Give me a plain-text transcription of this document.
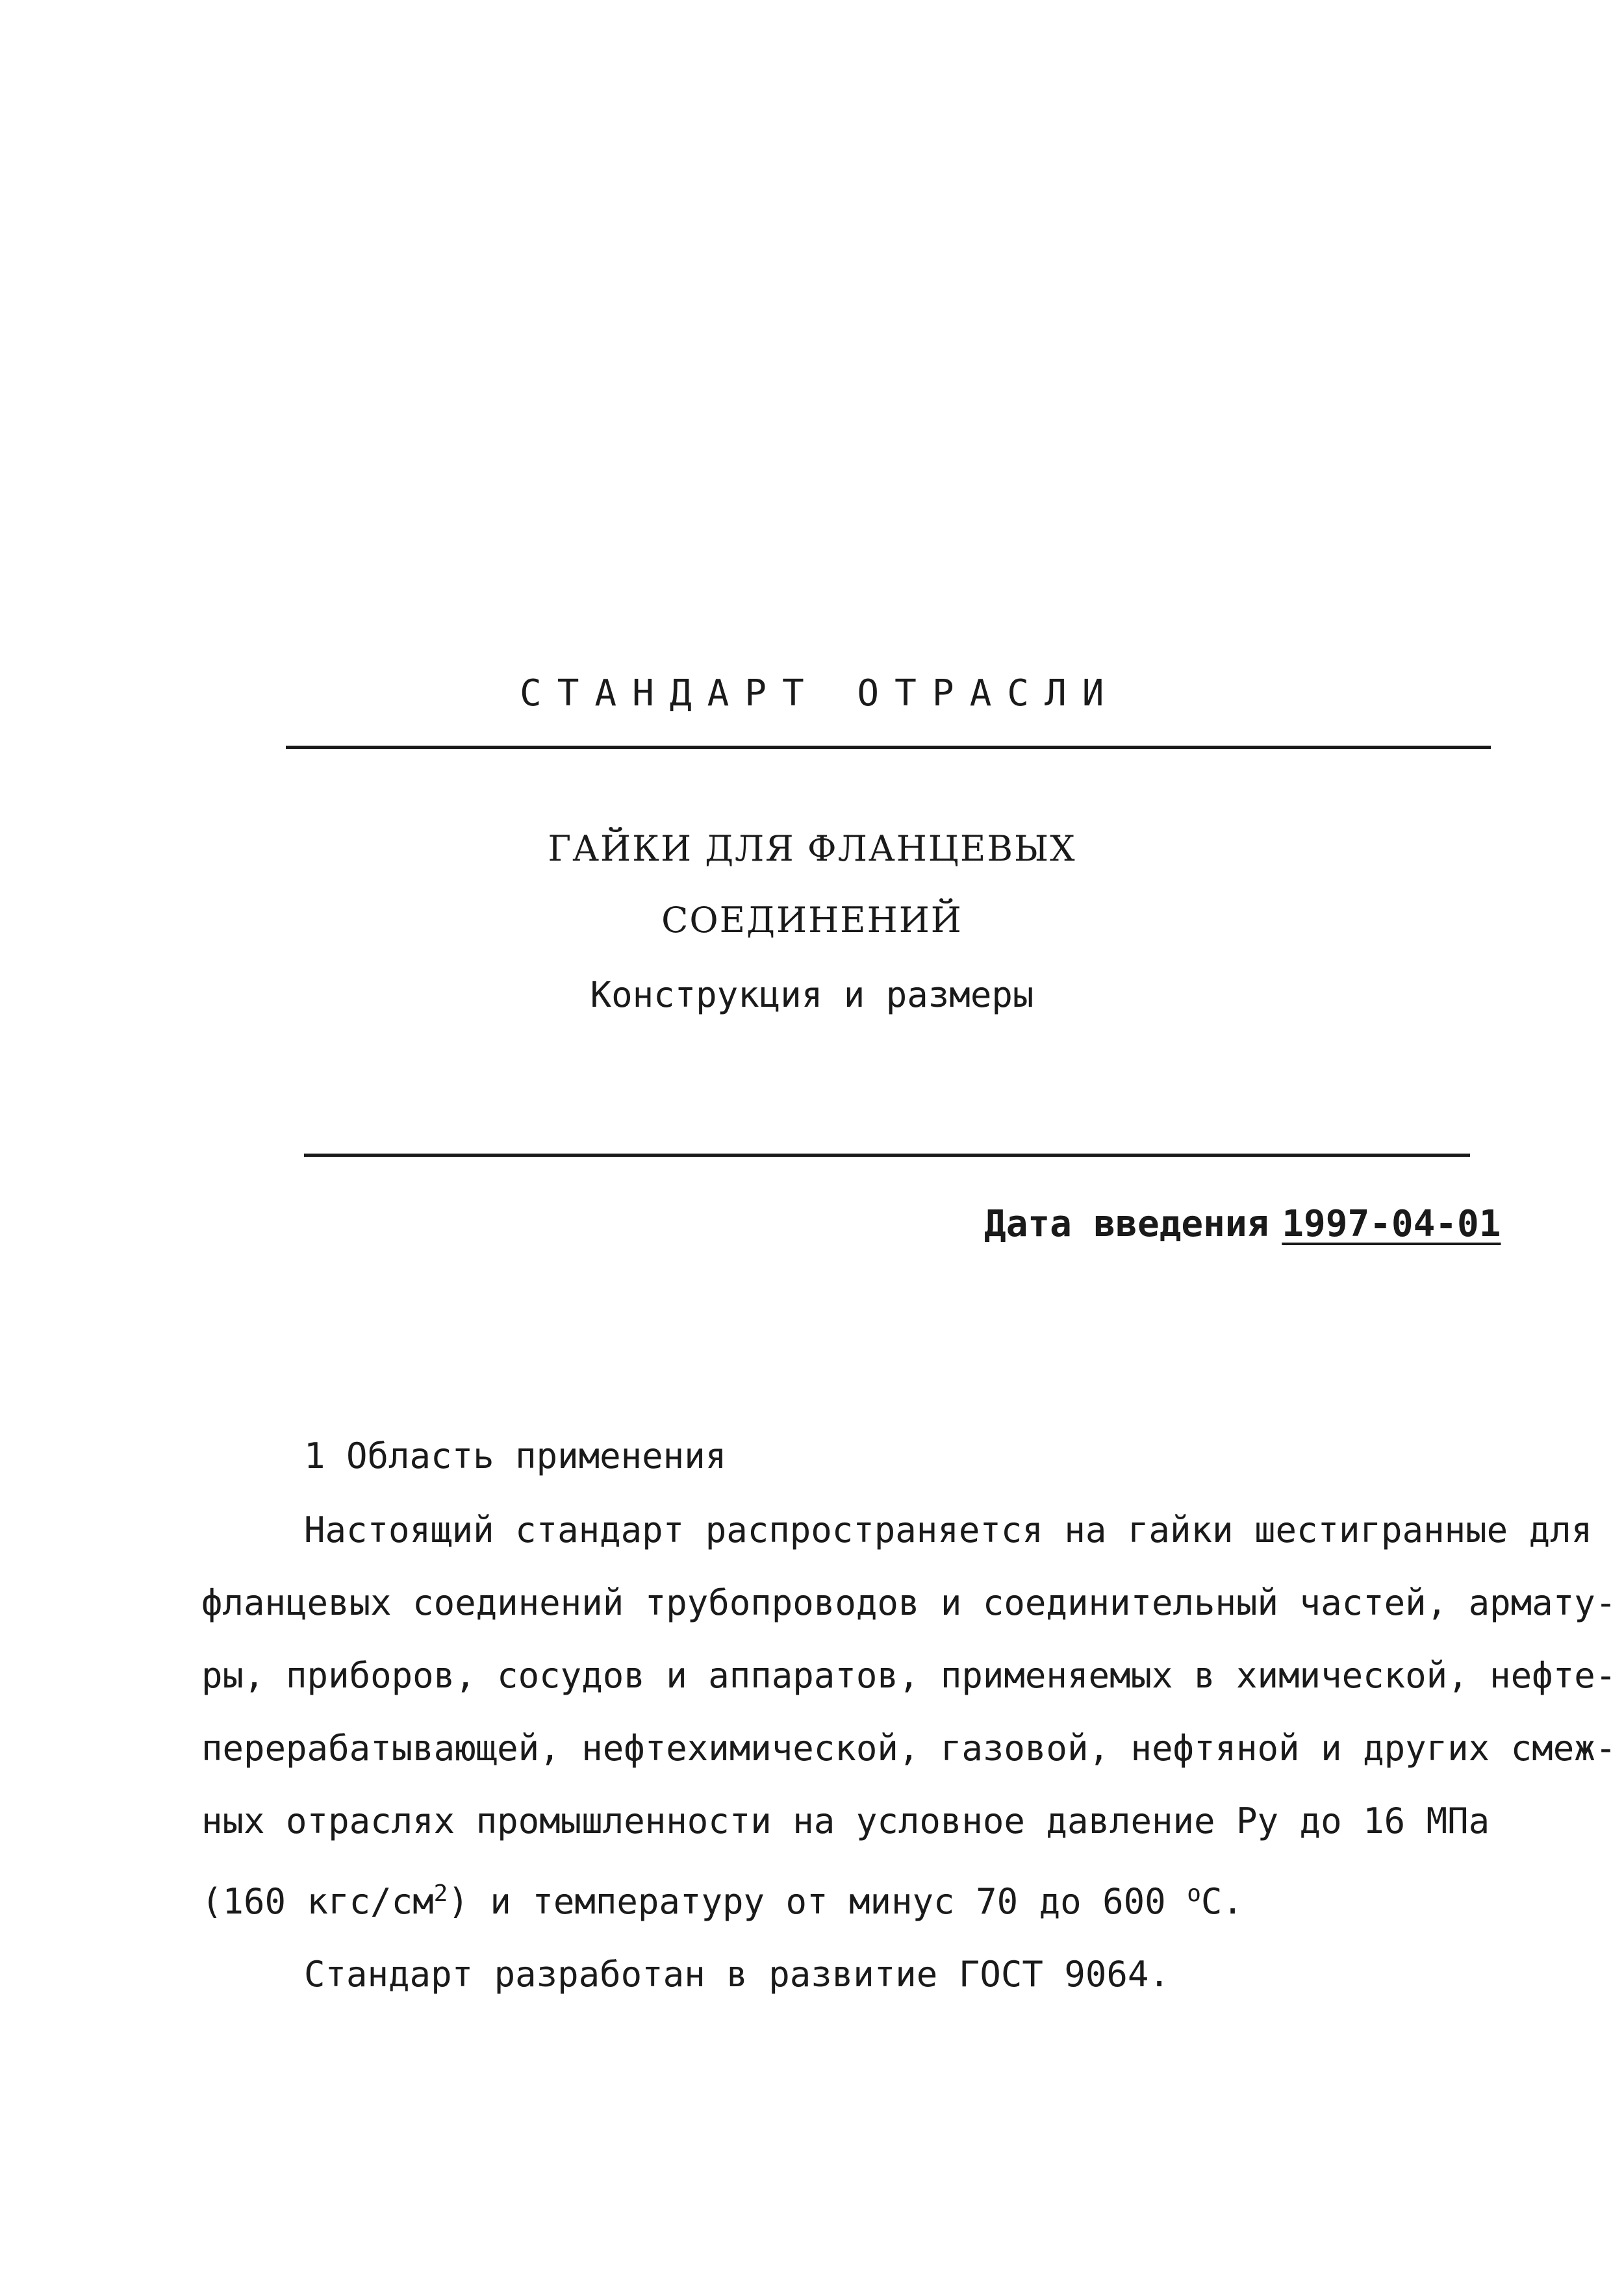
СТАНДАРТ ОТРАСЛИ
ГАЙКИ ДЛЯ ФЛАНЦЕВЫХ
СОЕДИНЕНИЙ
Конструкция и размеры
Дата введения 1997-04-01
1 Область применения
Настоящий стандарт распространяется на гайки шестигранные для
фланцевых соединений трубопроводов и соединительный частей, армату-
ры, приборов, сосудов и аппаратов, применяемых в химической, нефте-
перерабатывающей, нефтехимической, газовой, нефтяной и других смеж-
ных отраслях промышленности на условное давление Ру до 16 МПа
(160 кгс/$см^2$) и температуру от минус 70 до 600 $^о$С.
Стандарт разработан в развитие ГОСТ 9064.
